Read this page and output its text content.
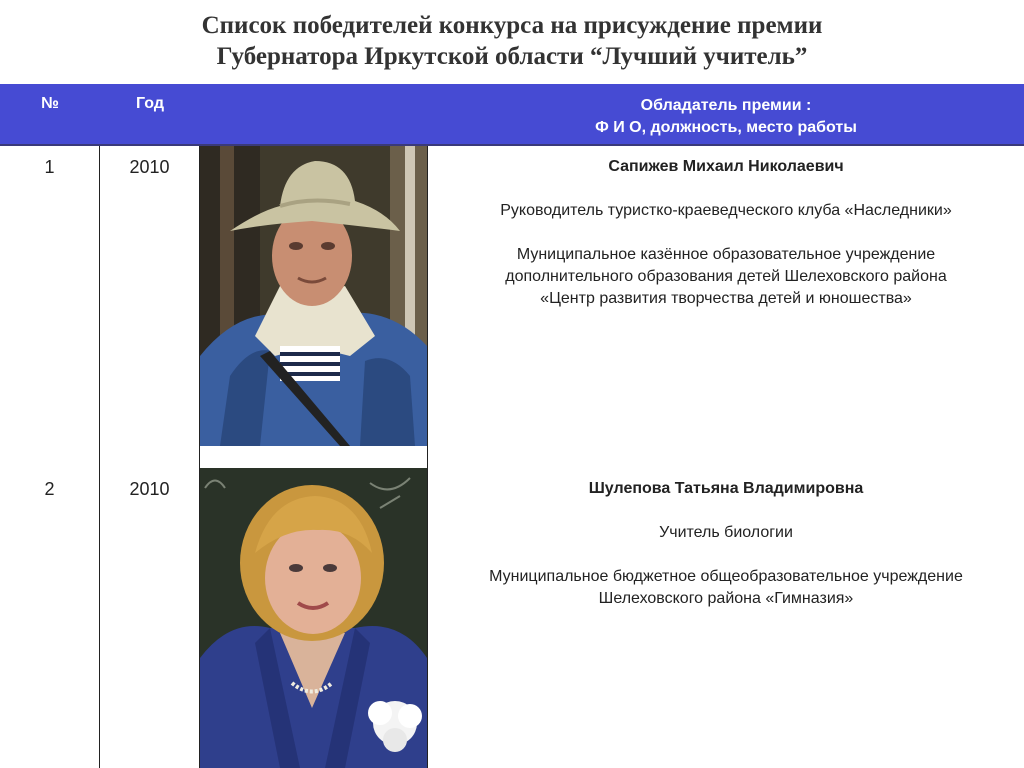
Список победителей конкурса на присуждение премии
Губернатора Иркутской области “Лучший учитель”
№	Год	Обладатель премии :
Ф И О, должность, место работы
1	2010	Сапижев Михаил Николаевич
Руководитель туристко-краеведческого клуба «Наследники»
Муниципальное казённое образовательное учреждение
дополнительного образования детей Шелеховского района
«Центр развития творчества детей и юношества»
2	2010	Шулепова Татьяна Владимировна
Учитель биологии
Муниципальное бюджетное общеобразовательное учреждение
Шелеховского района «Гимназия»
